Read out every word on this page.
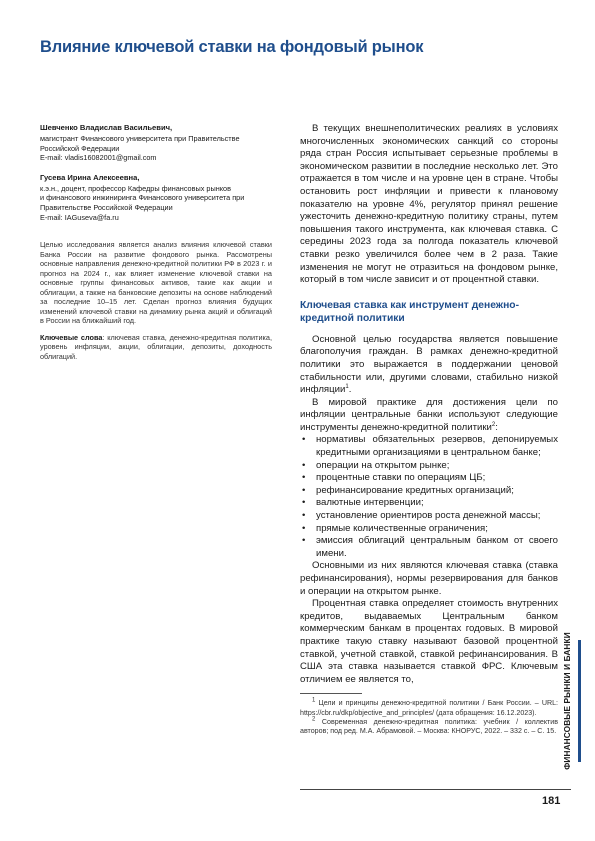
Влияние ключевой ставки на фондовый рынок

Шевченко Владислав Васильевич,

магистрант Финансового университета при Правительстве

Российской Федерации

E-mail: vladis16082001@gmail.com

Гусева Ирина Алексеевна,

к.э.н., доцент, профессор Кафедры финансовых рынков

и финансового инжиниринга Финансового университета при

Правительстве Российской Федерации

E-mail: IAGuseva@fa.ru

Целью исследования является анализ влияния ключевой ставки Банка России на развитие фондового рынка. Рассмотрены основные направления денежно-кредитной политики РФ в 2023 г. и прогноз на 2024 г., как влияет изменение ключевой ставки на основные группы финансовых активов, такие как акции и облигации, а также на банковские депозиты на основе наблюдений за последние 10–15 лет. Сделан прогноз влияния будущих изменений ключевой ставки на динамику рынка акций и облигаций в России на ближайший год.

Ключевые слова: ключевая ставка, денежно-кредитная политика, уровень инфляции, акции, облигации, депозиты, доходность облигаций.

В текущих внешнеполитических реалиях в условиях многочисленных экономических санкций со стороны ряда стран Россия испытывает серьезные проблемы в экономическом развитии в последние несколько лет. Это отражается в том числе и на уровне цен в стране. Чтобы остановить рост инфляции и привести к плановому показателю на уровне 4%, регулятор принял решение ужесточить денежно-кредитную политику страны, путем повышения такого инструмента, как ключевая ставка. С середины 2023 года за полгода показатель ключевой ставки резко увеличился более чем в 2 раза. Такие изменения не могут не отразиться на фондовом рынке, который в том числе зависит и от процентной ставки.

Ключевая ставка как инструмент денежно-кредитной политики

Основной целью государства является повышение благополучия граждан. В рамках денежно-кредитной политики это выражается в поддержании ценовой стабильности или, другими словами, стабильно низкой инфляции$^1$.

В мировой практике для достижения цели по инфляции центральные банки используют следующие инструменты денежно-кредитной политики$^2$:

• нормативы обязательных резервов, депонируемых кредитными организациями в центральном банке;
• операции на открытом рынке;
• процентные ставки по операциям ЦБ;
• рефинансирование кредитных организаций;
• валютные интервенции;
• установление ориентиров роста денежной массы;
• прямые количественные ограничения;
• эмиссия облигаций центральным банком от своего имени.

Основными из них являются ключевая ставка (ставка рефинансирования), нормы резервирования для банков и операции на открытом рынке.

Процентная ставка определяет стоимость внутренних кредитов, выдаваемых Центральным банком коммерческим банкам в процентах годовых. В мировой практике такую ставку называют базовой процентной ставкой, учетной ставкой, ставкой рефинансирования. В США эта ставка называется ставкой ФРС. Ключевым отличием ее является то,

$^1$ Цели и принципы денежно-кредитной политики / Банк России. – URL: https://cbr.ru/dkp/objective_and_principles/ (дата обращения: 16.12.2023).

$^2$ Современная денежно-кредитная политика: учебник / коллектив авторов; под ред. М.А. Абрамовой. – Москва: КНОРУС, 2022. – 332 с. – С. 15. ФИНАНСОВЫЕ РЫНКИ И БАНКИ
181
